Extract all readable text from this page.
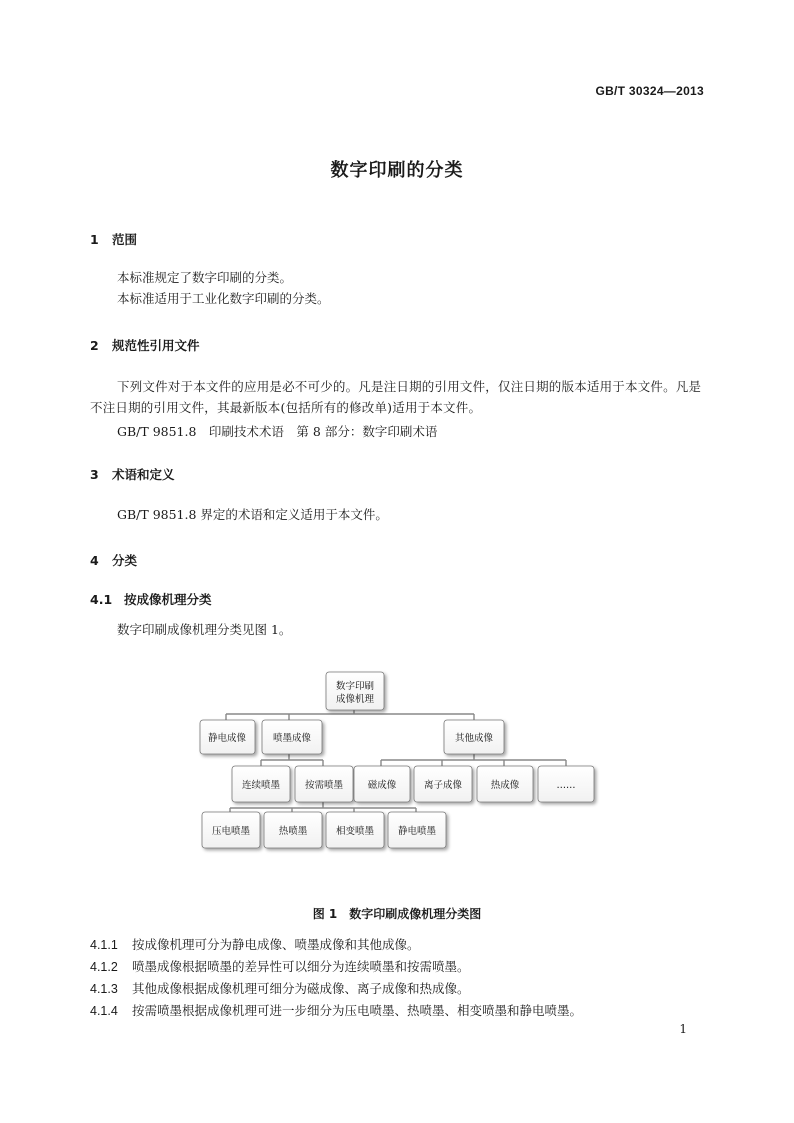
GB/T 30324—2013
数字印刷的分类
1 范围
本标准规定了数字印刷的分类。
本标准适用于工业化数字印刷的分类。
2 规范性引用文件
下列文件对于本文件的应用是必不可少的。凡是注日期的引用文件，仅注日期的版本适用于本文件。凡是不注日期的引用文件，其最新版本(包括所有的修改单)适用于本文件。
GB/T 9851.8　印刷技术术语　第 8 部分：数字印刷术语
3 术语和定义
GB/T 9851.8 界定的术语和定义适用于本文件。
4 分类
4.1 按成像机理分类
数字印刷成像机理分类见图 1。
数字印刷
成像机理
静电成像	喷墨成像	其他成像
连续喷墨	按需喷墨	磁成像	离子成像	热成像	……
压电喷墨	热喷墨	相变喷墨	静电喷墨
图 1　数字印刷成像机理分类图
4.1.1 按成像机理可分为静电成像、喷墨成像和其他成像。
4.1.2 喷墨成像根据喷墨的差异性可以细分为连续喷墨和按需喷墨。
4.1.3 其他成像根据成像机理可细分为磁成像、离子成像和热成像。
4.1.4 按需喷墨根据成像机理可进一步细分为压电喷墨、热喷墨、相变喷墨和静电喷墨。
1
